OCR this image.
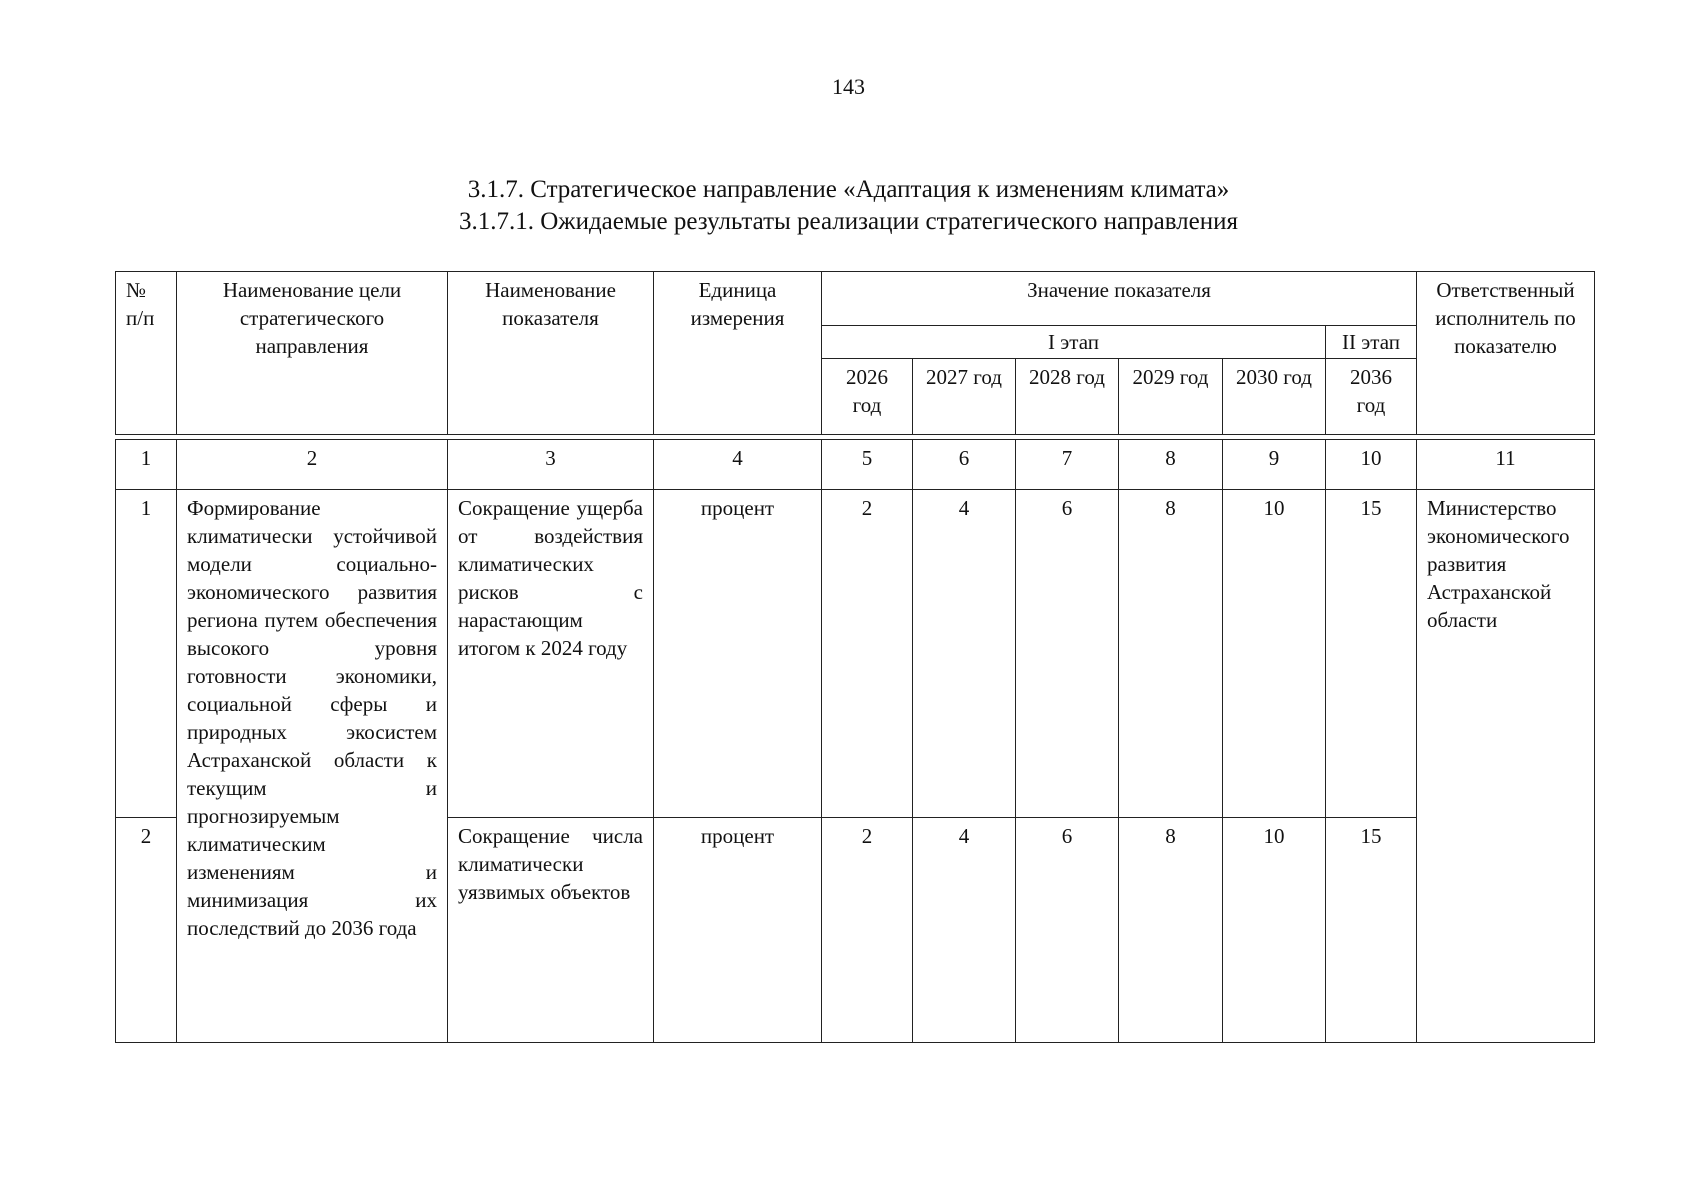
143
3.1.7. Стратегическое направление «Адаптация к изменениям климата»
3.1.7.1. Ожидаемые результаты реализации стратегического направления
№ п/п	Наименование цели стратегического направления	Наименование показателя	Единица измерения	Значение показателя						Ответственный исполнитель по показателю
				I этап					II этап	
				2026 год	2027 год	2028 год	2029 год	2030 год	2036 год	
1	2	3	4	5	6	7	8	9	10	11
1	Формирование климатически устойчивой модели социально-экономического развития региона путем обеспечения высокого уровня готовности экономики, социальной сферы и природных экосистем Астраханской области к текущим и прогнозируемым климатическим изменениям и минимизация их последствий до 2036 года	Сокращение ущерба от воздействия климатических рисков с нарастающим итогом к 2024 году	процент	2	4	6	8	10	15	Министерство экономического развития Астраханской области
2		Сокращение числа климатически уязвимых объектов	процент	2	4	6	8	10	15	
